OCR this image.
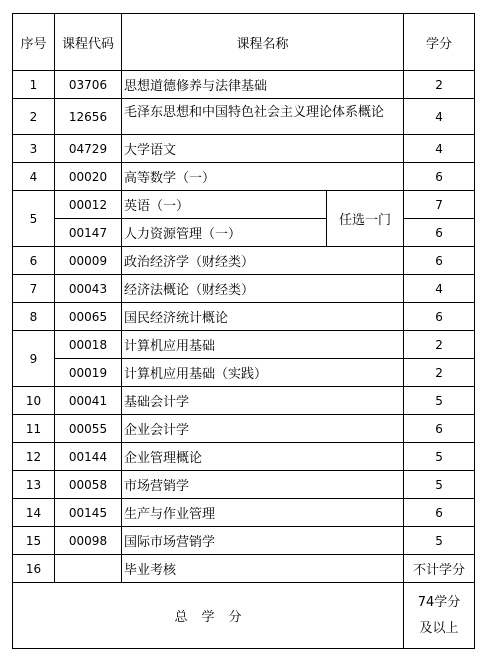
序号	课程代码	课程名称		学分
1	03706	思想道德修养与法律基础		2
2	12656	毛泽东思想和中国特色社会主义理论体系概论		4
3	04729	大学语文		4
4	00020	高等数学（一）		6
5	00012	英语（一）	任选一门	7
	00147	人力资源管理（一）		6
6	00009	政治经济学（财经类）		6
7	00043	经济法概论（财经类）		4
8	00065	国民经济统计概论		6
9	00018	计算机应用基础		2
	00019	计算机应用基础（实践）		2
10	00041	基础会计学		5
11	00055	企业会计学		6
12	00144	企业管理概论		5
13	00058	市场营销学		5
14	00145	生产与作业管理		6
15	00098	国际市场营销学		5
16		毕业考核		不计学分
总学分				74学分
及以上
